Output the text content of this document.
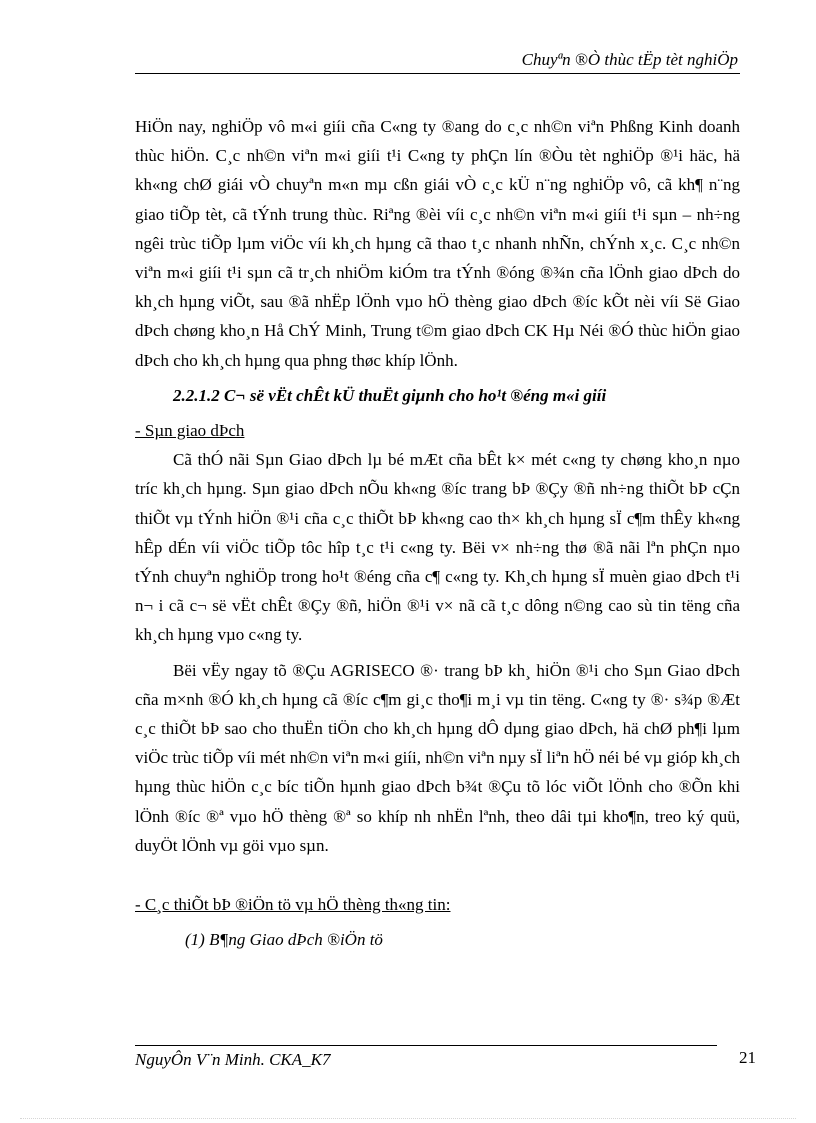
Chuyªn ®Ò thùc tËp tèt nghiÖp

HiÖn nay, nghiÖp vô m«i giíi cña C«ng ty ®ang do c¸c nh©n viªn Phßng Kinh doanh thùc hiÖn. C¸c nh©n viªn m«i giíi t¹i C«ng ty phÇn lín ®Òu tèt nghiÖp ®¹i häc, hä kh«ng chØ giái vÒ chuyªn m«n mµ cßn giái vÒ c¸c kÜ n¨ng nghiÖp vô, cã kh¶ n¨ng giao tiÕp tèt, cã tÝnh trung thùc. Riªng ®èi víi c¸c nh©n viªn m«i giíi t¹i sµn – nh÷ng ngêi trùc tiÕp lµm viÖc víi kh¸ch hµng cã thao t¸c nhanh nhÑn, chÝnh x¸c. C¸c nh©n viªn m«i giíi t¹i sµn cã tr¸ch nhiÖm kiÓm tra tÝnh ®óng ®¾n cña lÖnh giao dÞch do kh¸ch hµng viÕt, sau ®ã nhËp lÖnh vµo hÖ thèng giao dÞch ®íc kÕt nèi víi Së Giao dÞch chøng kho¸n Hå ChÝ Minh, Trung t©m giao dÞch CK Hµ Néi ®Ó thùc hiÖn giao dÞch cho kh¸ch hµng qua phng thøc khíp lÖnh.

2.2.1.2 C¬ së vËt chÊt kÜ thuËt giµnh cho ho¹t ®éng m«i giíi

- Sµn giao dÞch

Cã thÓ nãi Sµn Giao dÞch lµ bé mÆt cña bÊt k× mét c«ng ty chøng kho¸n nµo tríc kh¸ch hµng. Sµn giao dÞch nÕu kh«ng ®íc trang bÞ ®Çy ®ñ nh÷ng thiÕt bÞ cÇn thiÕt vµ tÝnh hiÖn ®¹i cña c¸c thiÕt bÞ kh«ng cao th× kh¸ch hµng sÏ c¶m thÊy kh«ng hÊp dÉn víi viÖc tiÕp tôc hîp t¸c t¹i c«ng ty. Bëi v× nh÷ng thø ®ã nãi lªn phÇn nµo tÝnh chuyªn nghiÖp trong ho¹t ®éng cña c¶ c«ng ty. Kh¸ch hµng sÏ muèn giao dÞch t¹i n¬ i cã c¬ së vËt chÊt ®Çy ®ñ, hiÖn ®¹i v× nã cã t¸c dông n©ng cao sù tin tëng cña kh¸ch hµng vµo c«ng ty.

Bëi vËy ngay tõ ®Çu AGRISECO ®· trang bÞ kh¸ hiÖn ®¹i cho Sµn Giao dÞch cña m×nh ®Ó kh¸ch hµng cã ®íc c¶m gi¸c tho¶i m¸i vµ tin tëng. C«ng ty ®· s¾p ®Æt c¸c thiÕt bÞ sao cho thuËn tiÖn cho kh¸ch hµng dÔ dµng giao dÞch, hä chØ ph¶i lµm viÖc trùc tiÕp víi mét nh©n viªn m«i giíi, nh©n viªn nµy sÏ liªn hÖ néi bé vµ gióp kh¸ch hµng thùc hiÖn c¸c bíc tiÕn hµnh giao dÞch b¾t ®Çu tõ lóc viÕt lÖnh cho ®Õn khi lÖnh ®íc ®ª vµo hÖ thèng ®ª so khíp nh nhËn lªnh, theo dâi tµi kho¶n, treo ký quü, duyÖt lÖnh vµ göi vµo sµn.

- C¸c thiÕt bÞ ®iÖn tö vµ hÖ thèng th«ng tin:

(1) B¶ng Giao dÞch ®iÖn tö

NguyÔn V¨n Minh. CKA_K7	21
